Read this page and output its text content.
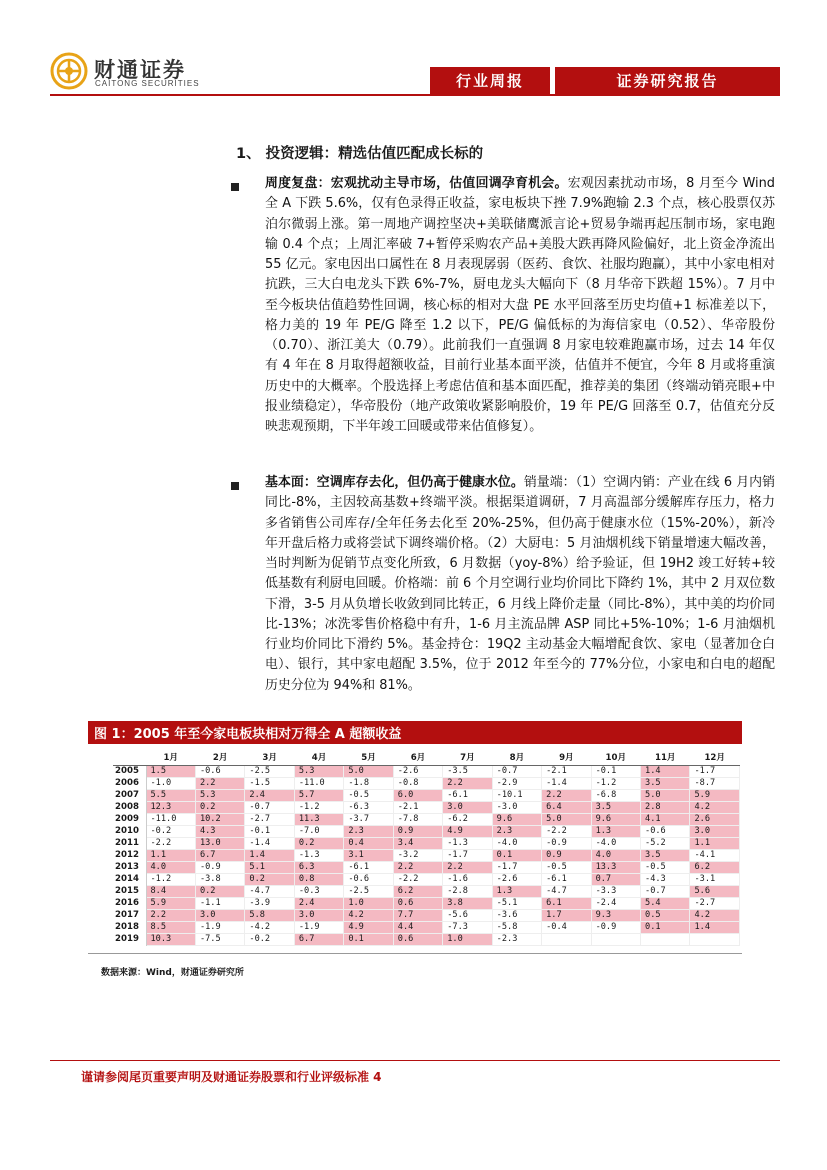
财通证券
CAITONG SECURITIES	行业周报	证券研究报告
1、 投资逻辑：精选估值匹配成长标的
周度复盘：宏观扰动主导市场，估值回调孕育机会。宏观因素扰动市场，8 月至今 Wind 全 A 下跌 5.6%，仅有色录得正收益，家电板块下挫 7.9%跑输 2.3 个点，核心股票仅苏泊尔微弱上涨。第一周地产调控坚决+美联储鹰派言论+贸易争端再起压制市场，家电跑输 0.4 个点；上周汇率破 7+暂停采购农产品+美股大跌再降风险偏好，北上资金净流出 55 亿元。家电因出口属性在 8 月表现孱弱（医药、食饮、社服均跑赢），其中小家电相对抗跌，三大白电龙头下跌 6%-7%，厨电龙头大幅向下（8 月华帝下跌超 15%）。7 月中至今板块估值趋势性回调，核心标的相对大盘 PE 水平回落至历史均值+1 标准差以下，格力美的 19 年 PE/G 降至 1.2 以下，PE/G 偏低标的为海信家电（0.52）、华帝股份（0.70）、浙江美大（0.79）。此前我们一直强调 8 月家电较难跑赢市场，过去 14 年仅有 4 年在 8 月取得超额收益，目前行业基本面平淡，估值并不便宜，今年 8 月或将重演历史中的大概率。个股选择上考虑估值和基本面匹配，推荐美的集团（终端动销亮眼+中报业绩稳定），华帝股份（地产政策收紧影响股价，19 年 PE/G 回落至 0.7，估值充分反映悲观预期，下半年竣工回暖或带来估值修复）。
基本面：空调库存去化，但仍高于健康水位。销量端：（1）空调内销：产业在线 6 月内销同比-8%，主因较高基数+终端平淡。根据渠道调研，7 月高温部分缓解库存压力，格力多省销售公司库存/全年任务去化至 20%-25%，但仍高于健康水位（15%-20%），新冷年开盘后格力或将尝试下调终端价格。（2）大厨电：5 月油烟机线下销量增速大幅改善，当时判断为促销节点变化所致，6 月数据（yoy-8%）给予验证，但 19H2 竣工好转+较低基数有利厨电回暖。价格端：前 6 个月空调行业均价同比下降约 1%，其中 2 月双位数下滑，3-5 月从负增长收敛到同比转正，6 月线上降价走量（同比-8%），其中美的均价同比-13%；冰洗零售价格稳中有升，1-6 月主流品牌 ASP 同比+5%-10%；1-6 月油烟机行业均价同比下滑约 5%。基金持仓：19Q2 主动基金大幅增配食饮、家电（显著加仓白电）、银行，其中家电超配 3.5%，位于 2012 年至今的 77%分位，小家电和白电的超配历史分位为 94%和 81%。
图 1：2005 年至今家电板块相对万得全 A 超额收益
	1月	2月	3月	4月	5月	6月	7月	8月	9月	10月	11月	12月
2005	1.5	-0.6	-2.5	5.3	5.0	-2.6	-3.5	-0.7	-2.1	-0.1	1.4	-1.7
2006	-1.0	2.2	-1.5	-11.0	-1.8	-0.8	2.2	-2.9	-1.4	-1.2	3.5	-8.7
2007	5.5	5.3	2.4	5.7	-0.5	6.0	-6.1	-10.1	2.2	-6.8	5.0	5.9
2008	12.3	0.2	-0.7	-1.2	-6.3	-2.1	3.0	-3.0	6.4	3.5	2.8	4.2
2009	-11.0	10.2	-2.7	11.3	-3.7	-7.8	-6.2	9.6	5.0	9.6	4.1	2.6
2010	-0.2	4.3	-0.1	-7.0	2.3	0.9	4.9	2.3	-2.2	1.3	-0.6	3.0
2011	-2.2	13.0	-1.4	0.2	0.4	3.4	-1.3	-4.0	-0.9	-4.0	-5.2	1.1
2012	1.1	6.7	1.4	-1.3	3.1	-3.2	-1.7	0.1	0.9	4.0	3.5	-4.1
2013	4.0	-0.9	5.1	6.3	-6.1	2.2	2.2	-1.7	-0.5	13.3	-0.5	6.2
2014	-1.2	-3.8	0.2	0.8	-0.6	-2.2	-1.6	-2.6	-6.1	0.7	-4.3	-3.1
2015	8.4	0.2	-4.7	-0.3	-2.5	6.2	-2.8	1.3	-4.7	-3.3	-0.7	5.6
2016	5.9	-1.1	-3.9	2.4	1.0	0.6	3.8	-5.1	6.1	-2.4	5.4	-2.7
2017	2.2	3.0	5.8	3.0	4.2	7.7	-5.6	-3.6	1.7	9.3	0.5	4.2
2018	8.5	-1.9	-4.2	-1.9	4.9	4.4	-7.3	-5.8	-0.4	-0.9	0.1	1.4
2019	10.3	-7.5	-0.2	6.7	0.1	0.6	1.0	-2.3				
数据来源：Wind，财通证券研究所
谨请参阅尾页重要声明及财通证券股票和行业评级标准 4
